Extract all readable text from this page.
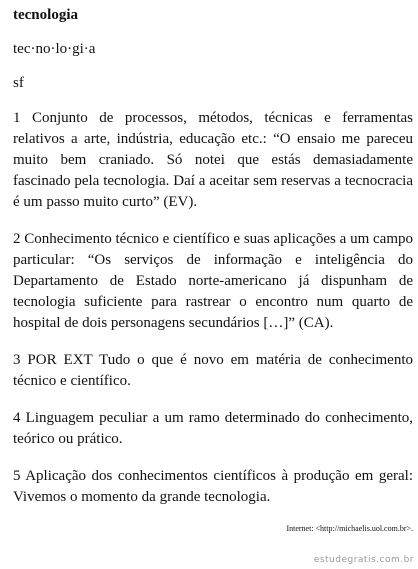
tecnologia
tec·no·lo·gi·a
sf

1 Conjunto de processos, métodos, técnicas e ferramentas relativos a arte, indústria, educação etc.: “O ensaio me pareceu muito bem craniado. Só notei que estás demasiadamente fascinado pela tecnologia. Daí a aceitar sem reservas a tecnocracia é um passo muito curto” (EV).

2 Conhecimento técnico e científico e suas aplicações a um campo particular: “Os serviços de informação e inteligência do Departamento de Estado norte-americano já dispunham de tecnologia suficiente para rastrear o encontro num quarto de hospital de dois personagens secundários […]” (CA).

3 POR EXT Tudo o que é novo em matéria de conhecimento técnico e científico.

4 Linguagem peculiar a um ramo determinado do conhecimento, teórico ou prático.

5 Aplicação dos conhecimentos científicos à produção em geral: Vivemos o momento da grande tecnologia.

Internet: <http://michaelis.uol.com.br>.
estudegratis.com.br
